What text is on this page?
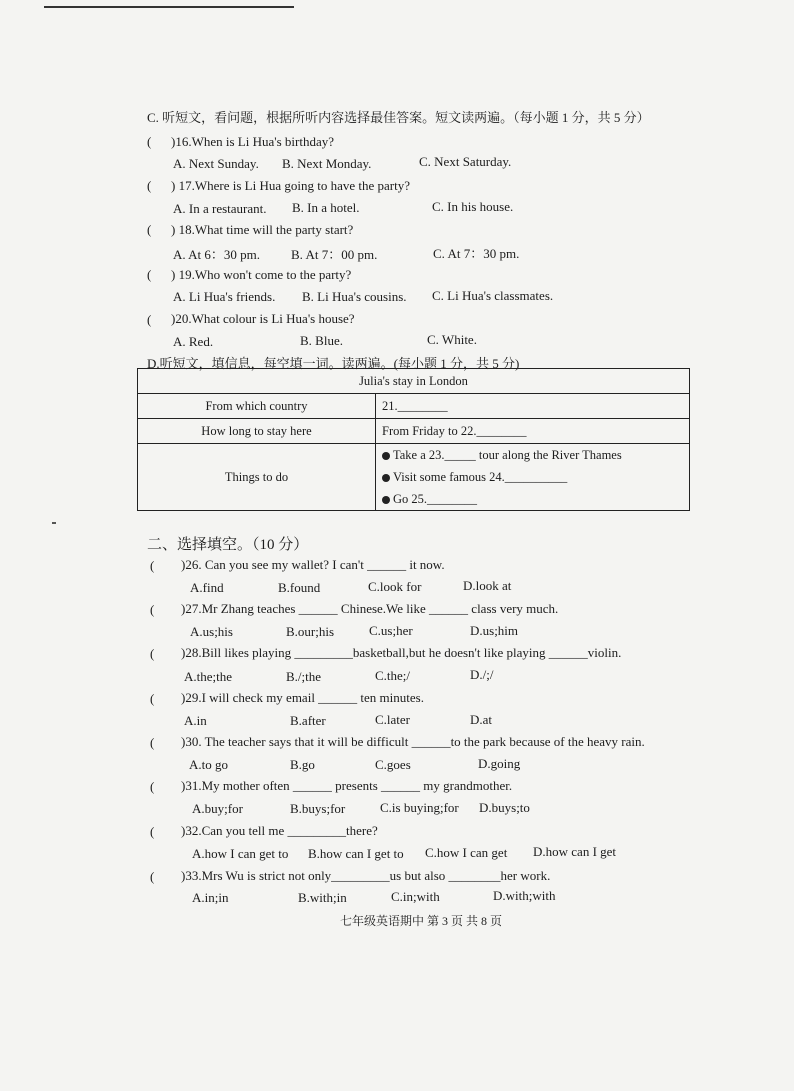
C. 听短文，看问题，根据所听内容选择最佳答案。短文读两遍。（每小题 1 分，共 5 分）
( )16.When is Li Hua's birthday?
A. Next Sunday. B. Next Monday.	C. Next Saturday.
( ) 17.Where is Li Hua going to have the party?
A. In a restaurant. B. In a hotel.	C. In his house.
( ) 18.What time will the party start?
A. At 6：30 pm. B. At 7：00 pm.	C. At 7：30 pm.
( ) 19.Who won't come to the party?
A. Li Hua's friends. B. Li Hua's cousins. C. Li Hua's classmates.
( )20.What colour is Li Hua's house?
A. Red.	B. Blue.	C. White.
D.听短文，填信息，每空填一词。读两遍。(每小题 1 分，共 5 分)
Julia's stay in London	
From which country	21.________
How long to stay here	From Friday to 22.________
Things to do	Take a 23._____ tour along the River Thames
Visit some famous 24.__________
Go 25.________
二、选择填空。（10 分）
( )26. Can you see my wallet? I can't ______ it now.
A.find	B.found	C.look for	D.look at
( )27.Mr Zhang teaches ______ Chinese.We like ______ class very much.
A.us;his	B.our;his	C.us;her	D.us;him
( )28.Bill likes playing _________basketball,but he doesn't like playing ______violin.
A.the;the	B./;the	C.the;/	D./;/
( )29.I will check my email ______ ten minutes.
A.in	B.after	C.later	D.at
( )30. The teacher says that it will be difficult ______to the park because of the heavy rain.
A.to go	B.go	C.goes	D.going
( )31.My mother often ______ presents ______ my grandmother.
A.buy;for	B.buys;for	C.is buying;for D.buys;to
( )32.Can you tell me _________there?
A.how I can get to B.how can I get to C.how I can get D.how can I get
( )33.Mrs Wu is strict not only_________us but also ________her work.
A.in;in	B.with;in	C.in;with	D.with;with
七年级英语期中 第 3 页 共 8 页
